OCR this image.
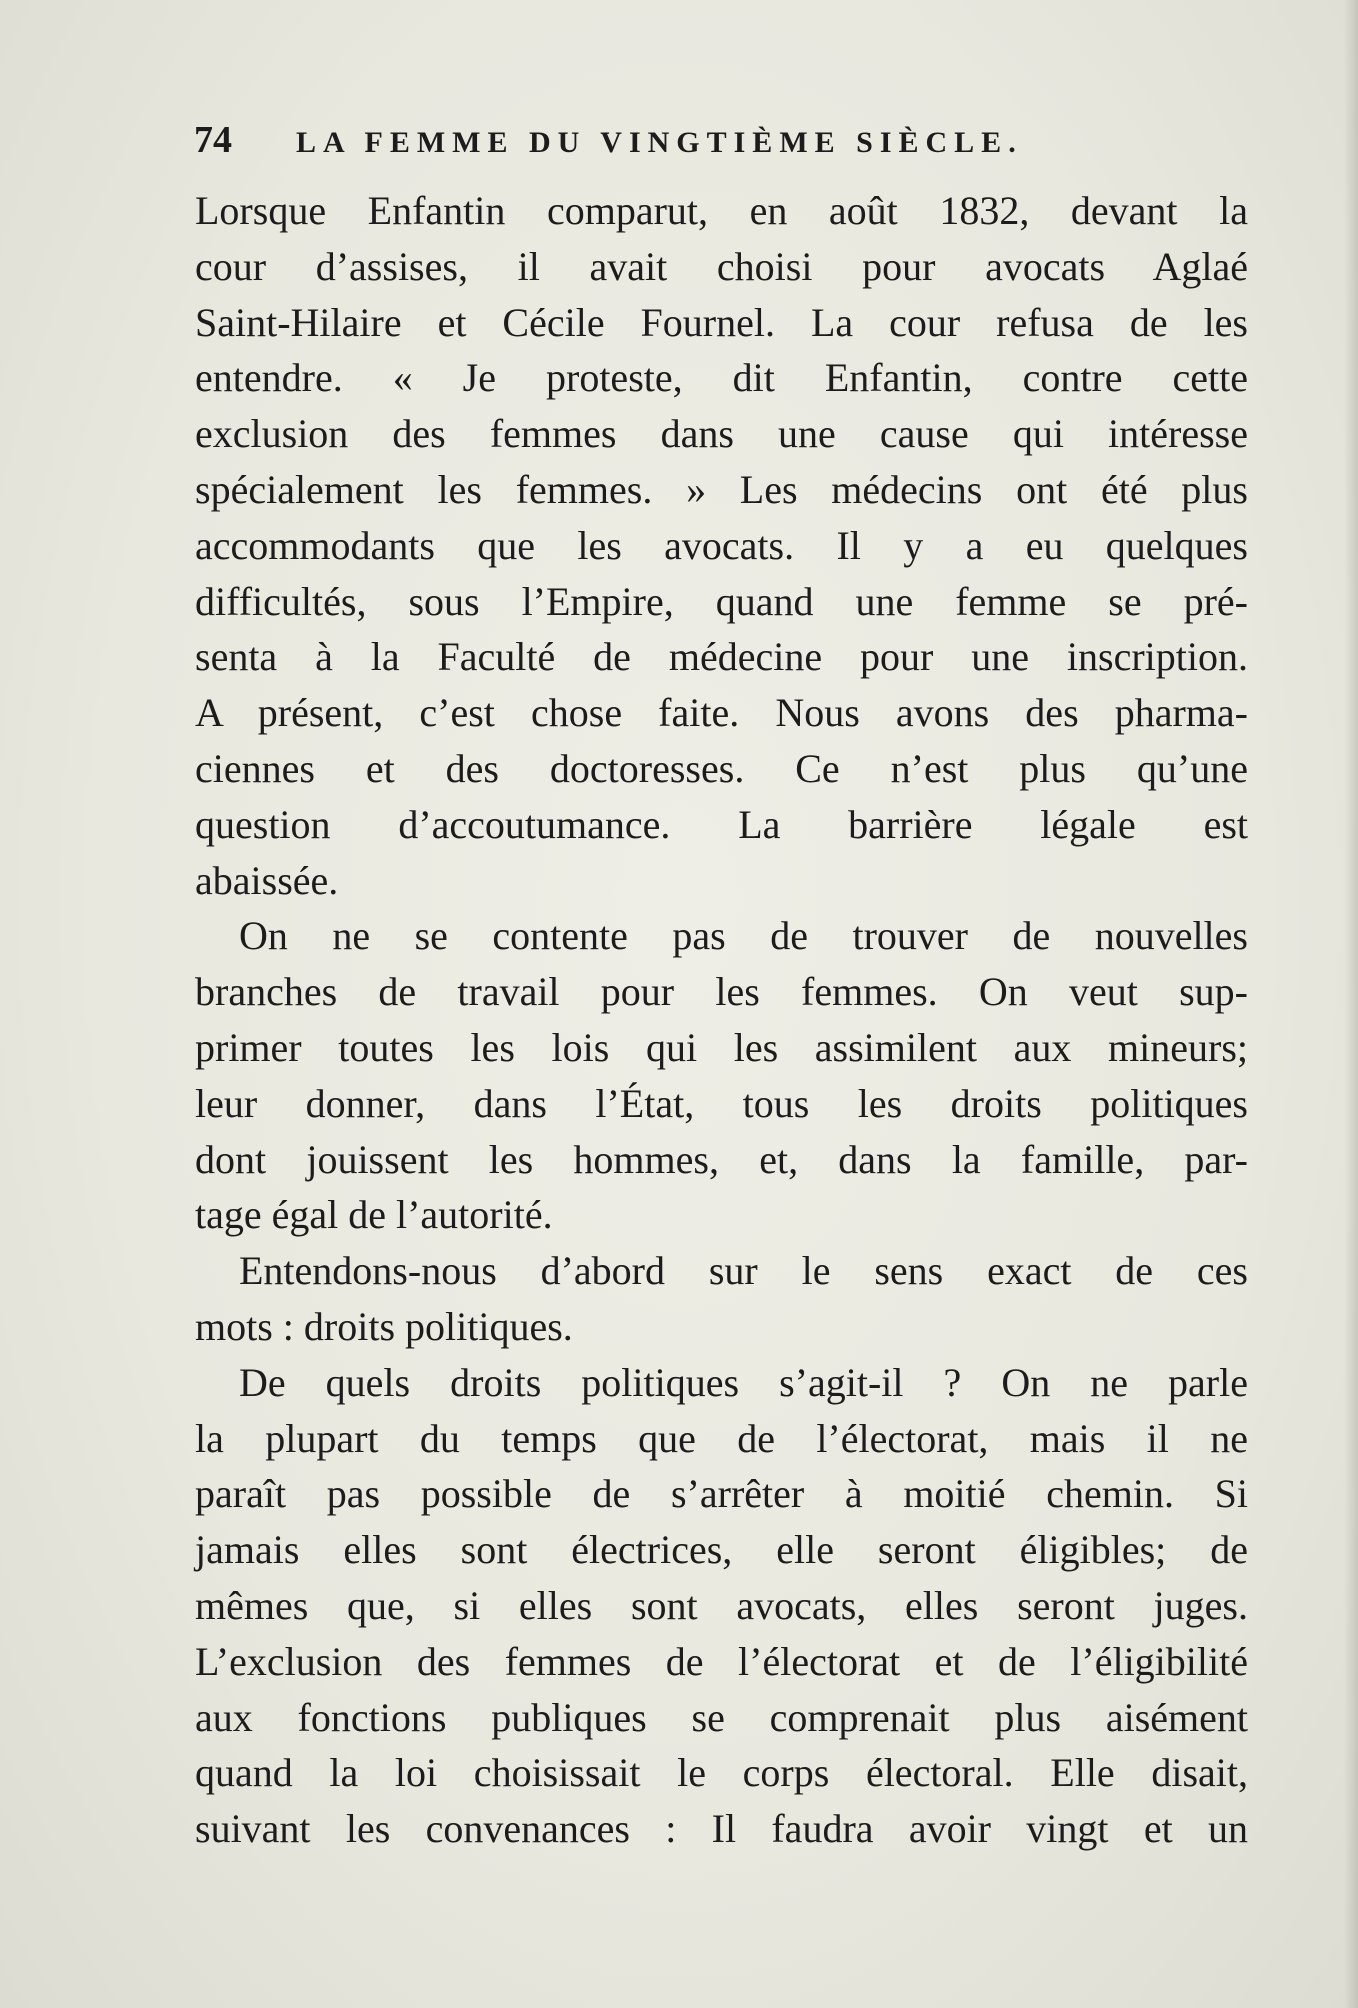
74 LA FEMME DU VINGTIÈME SIÈCLE.
Lorsque Enfantin comparut, en août 1832, devant la
cour d’assises, il avait choisi pour avocats Aglaé
Saint-Hilaire et Cécile Fournel. La cour refusa de les
entendre. « Je proteste, dit Enfantin, contre cette
exclusion des femmes dans une cause qui intéresse
spécialement les femmes. » Les médecins ont été plus
accommodants que les avocats. Il y a eu quelques
difficultés, sous l’Empire, quand une femme se pré-
senta à la Faculté de médecine pour une inscription.
A présent, c’est chose faite. Nous avons des pharma-
ciennes et des doctoresses. Ce n’est plus qu’une
question d’accoutumance. La barrière légale est
abaissée.
On ne se contente pas de trouver de nouvelles
branches de travail pour les femmes. On veut sup-
primer toutes les lois qui les assimilent aux mineurs;
leur donner, dans l’État, tous les droits politiques
dont jouissent les hommes, et, dans la famille, par-
tage égal de l’autorité.
Entendons-nous d’abord sur le sens exact de ces
mots : droits politiques.
De quels droits politiques s’agit-il ? On ne parle
la plupart du temps que de l’électorat, mais il ne
paraît pas possible de s’arrêter à moitié chemin. Si
jamais elles sont électrices, elle seront éligibles; de
mêmes que, si elles sont avocats, elles seront juges.
L’exclusion des femmes de l’électorat et de l’éligibilité
aux fonctions publiques se comprenait plus aisément
quand la loi choisissait le corps électoral. Elle disait,
suivant les convenances : Il faudra avoir vingt et un
